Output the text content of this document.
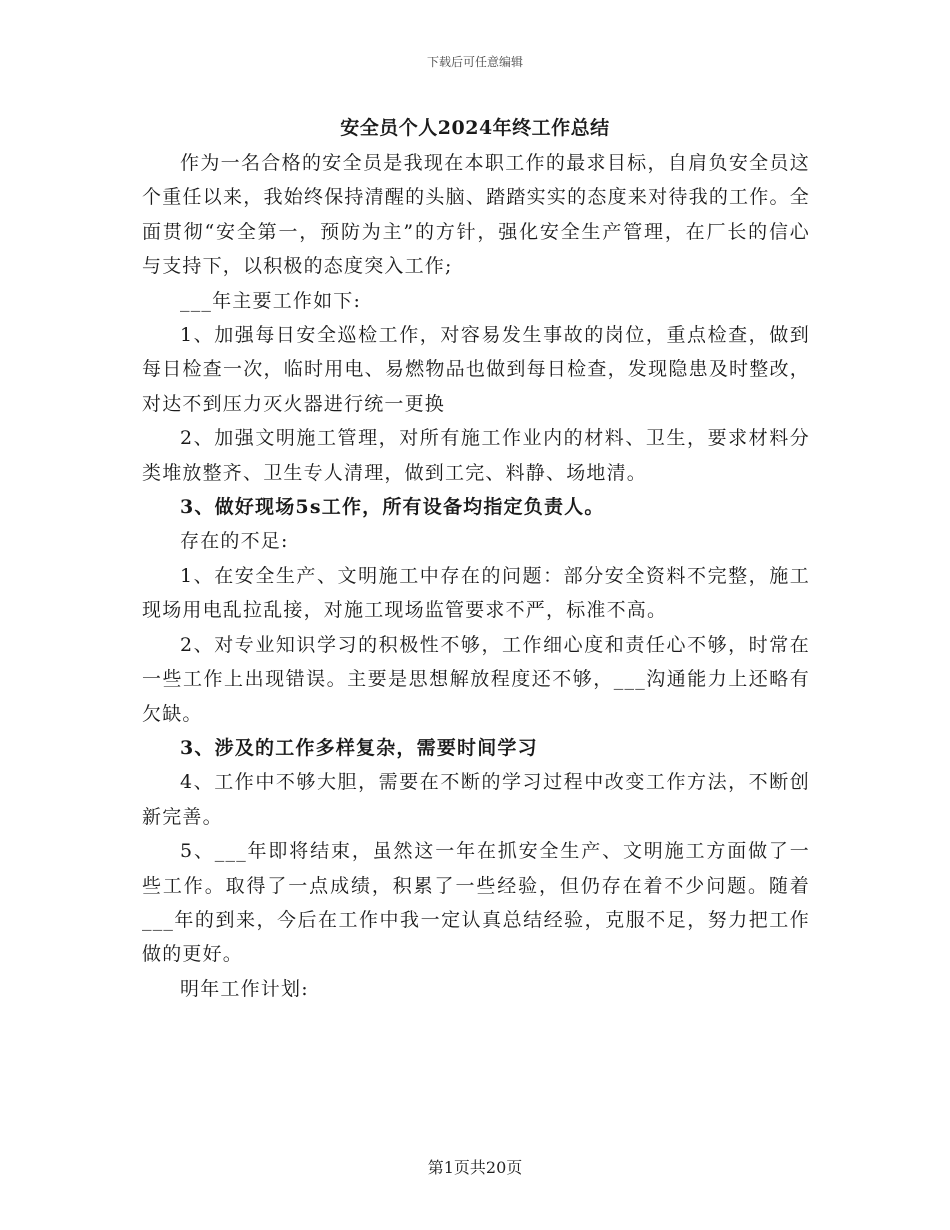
下载后可任意编辑
安全员个人2024年终工作总结

作为一名合格的安全员是我现在本职工作的最求目标，自肩负安全员这个重任以来，我始终保持清醒的头脑、踏踏实实的态度来对待我的工作。全面贯彻“安全第一，预防为主”的方针，强化安全生产管理，在厂长的信心与支持下，以积极的态度突入工作;

___年主要工作如下:

1、加强每日安全巡检工作，对容易发生事故的岗位，重点检查，做到每日检查一次，临时用电、易燃物品也做到每日检查，发现隐患及时整改，对达不到压力灭火器进行统一更换

2、加强文明施工管理，对所有施工作业内的材料、卫生，要求材料分类堆放整齐、卫生专人清理，做到工完、料静、场地清。

3、做好现场5s工作，所有设备均指定负责人。

存在的不足:

1、在安全生产、文明施工中存在的问题：部分安全资料不完整，施工现场用电乱拉乱接，对施工现场监管要求不严，标准不高。

2、对专业知识学习的积极性不够，工作细心度和责任心不够，时常在一些工作上出现错误。主要是思想解放程度还不够，___沟通能力上还略有欠缺。

3、涉及的工作多样复杂，需要时间学习

4、工作中不够大胆，需要在不断的学习过程中改变工作方法，不断创新完善。

5、___年即将结束，虽然这一年在抓安全生产、文明施工方面做了一些工作。取得了一点成绩，积累了一些经验，但仍存在着不少问题。随着___年的到来，今后在工作中我一定认真总结经验，克服不足，努力把工作做的更好。

明年工作计划:

第1页共20页
